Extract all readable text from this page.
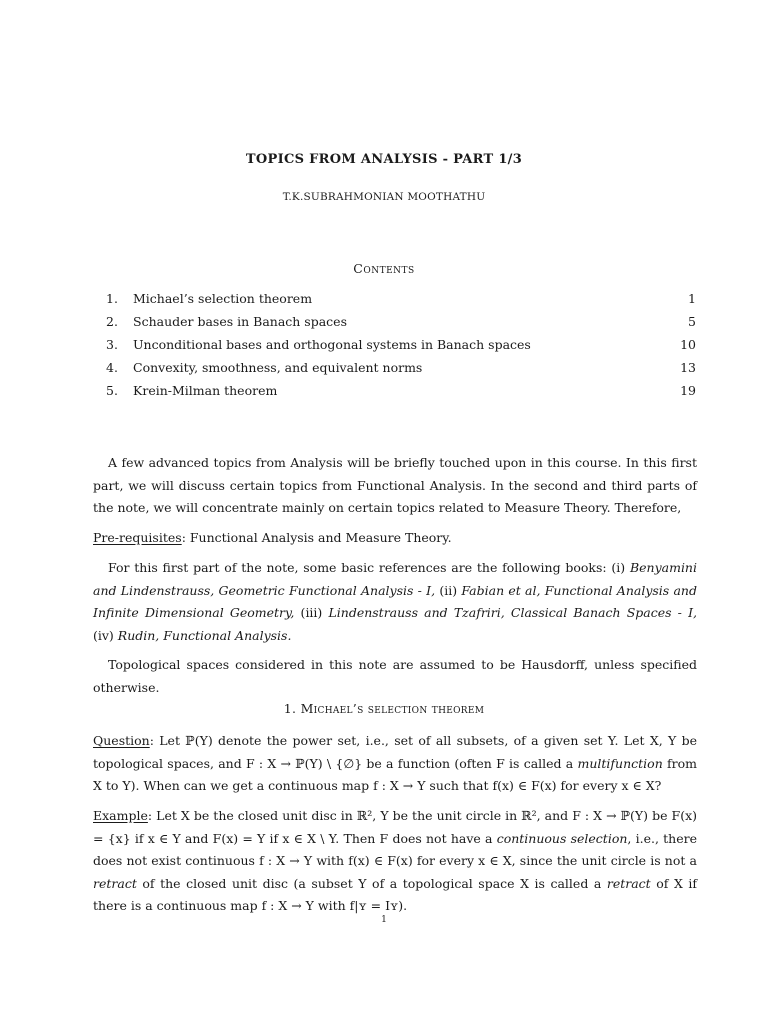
TOPICS FROM ANALYSIS - PART 1/3
T.K.SUBRAHMONIAN MOOTHATHU
Contents
1.	Michael’s selection theorem	1
2.	Schauder bases in Banach spaces	5
3.	Unconditional bases and orthogonal systems in Banach spaces	10
4.	Convexity, smoothness, and equivalent norms	13
5.	Krein-Milman theorem	19

A few advanced topics from Analysis will be briefly touched upon in this course. In this first part, we will discuss certain topics from Functional Analysis. In the second and third parts of the note, we will concentrate mainly on certain topics related to Measure Theory. Therefore,

Pre-requisites: Functional Analysis and Measure Theory.

For this first part of the note, some basic references are the following books: (i) Benyamini and Lindenstrauss, Geometric Functional Analysis - I, (ii) Fabian et al, Functional Analysis and Infinite Dimensional Geometry, (iii) Lindenstrauss and Tzafriri, Classical Banach Spaces - I, (iv) Rudin, Functional Analysis.

Topological spaces considered in this note are assumed to be Hausdorff, unless specified otherwise.

1. Michael’s selection theorem

Question: Let ℙ(Y) denote the power set, i.e., set of all subsets, of a given set Y. Let X, Y be topological spaces, and F : X → ℙ(Y) \ {∅} be a function (often F is called a multifunction from X to Y). When can we get a continuous map f : X → Y such that f(x) ∈ F(x) for every x ∈ X?

Example: Let X be the closed unit disc in ℝ², Y be the unit circle in ℝ², and F : X → ℙ(Y) be F(x) = {x} if x ∈ Y and F(x) = Y if x ∈ X \ Y. Then F does not have a continuous selection, i.e., there does not exist continuous f : X → Y with f(x) ∈ F(x) for every x ∈ X, since the unit circle is not a retract of the closed unit disc (a subset Y of a topological space X is called a retract of X if there is a continuous map f : X → Y with f|ʏ = Iʏ).

1
